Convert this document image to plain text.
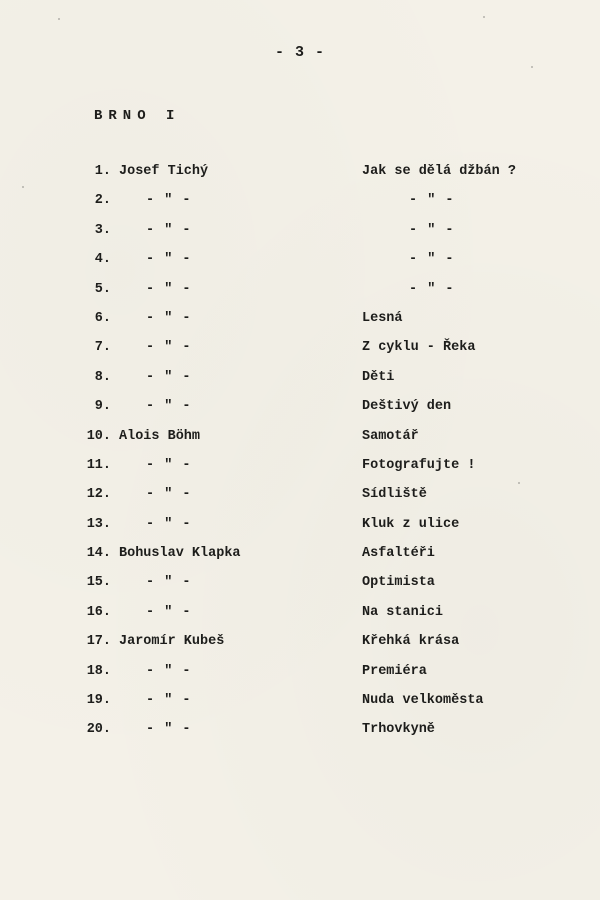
- 3 -
BRNO I
1. Josef Tichý	Jak se dělá džbán ?
2.	- " -	- " -
3.	- " -	- " -
4.	- " -	- " -
5.	- " -	- " -
6.	- " -	Lesná
7.	- " -	Z cyklu - Řeka
8.	- " -	Děti
9.	- " -	Deštivý den
10. Alois Böhm	Samotář
11.	- " -	Fotografujte !
12.	- " -	Sídliště
13.	- " -	Kluk z ulice
14. Bohuslav Klapka	Asfaltéři
15.	- " -	Optimista
16.	- " -	Na stanici
17. Jaromír Kubeš	Křehká krása
18.	- " -	Premiéra
19.	- " -	Nuda velkoměsta
20.	- " -	Trhovkyně
